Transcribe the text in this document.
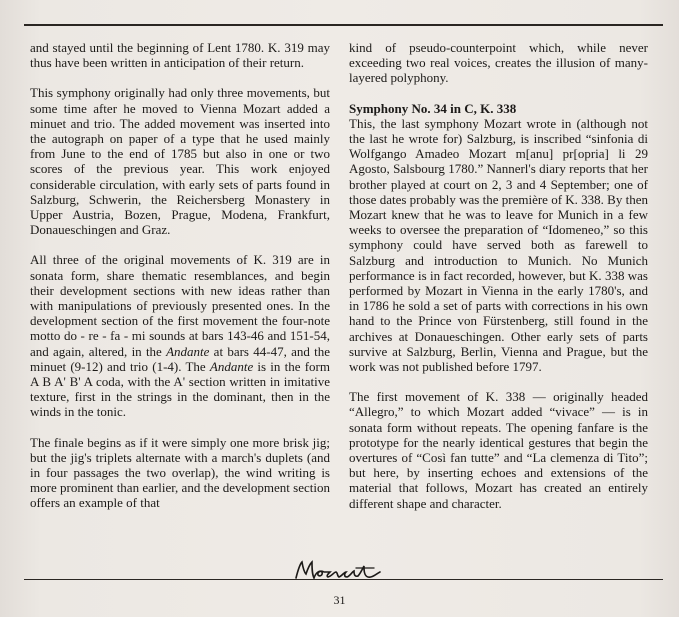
and stayed until the beginning of Lent 1780. K. 319 may thus have been written in anticipation of their return.

This symphony originally had only three movements, but some time after he moved to Vienna Mozart added a minuet and trio. The added movement was inserted into the autograph on paper of a type that he used mainly from June to the end of 1785 but also in one or two scores of the previous year. This work enjoyed considerable circulation, with early sets of parts found in Salzburg, Schwerin, the Reichersberg Monastery in Upper Austria, Bozen, Prague, Modena, Frankfurt, Donaueschingen and Graz.

All three of the original movements of K. 319 are in sonata form, share thematic resemblances, and begin their development sections with new ideas rather than with manipulations of previously presented ones. In the development section of the first movement the four-note motto do - re - fa - mi sounds at bars 143-46 and 151-54, and again, altered, in the Andante at bars 44-47, and the minuet (9-12) and trio (1-4). The Andante is in the form A B A' B' A coda, with the A' section written in imitative texture, first in the strings in the dominant, then in the winds in the tonic.

The finale begins as if it were simply one more brisk jig; but the jig's triplets alternate with a march's duplets (and in four passages the two overlap), the wind writing is more prominent than earlier, and the development section offers an example of that

kind of pseudo-counterpoint which, while never exceeding two real voices, creates the illusion of many-layered polyphony.

Symphony No. 34 in C, K. 338

This, the last symphony Mozart wrote in (although not the last he wrote for) Salzburg, is inscribed “sinfonia di Wolfgango Amadeo Mozart m[anu] pr[opria] li 29 Agosto, Salsbourg 1780.” Nannerl's diary reports that her brother played at court on 2, 3 and 4 September; one of those dates probably was the première of K. 338. By then Mozart knew that he was to leave for Munich in a few weeks to oversee the preparation of “Idomeneo,” so this symphony could have served both as farewell to Salzburg and introduction to Munich. No Munich performance is in fact recorded, however, but K. 338 was performed by Mozart in Vienna in the early 1780's, and in 1786 he sold a set of parts with corrections in his own hand to the Prince von Fürstenberg, still found in the archives at Donaueschingen. Other early sets of parts survive at Salzburg, Berlin, Vienna and Prague, but the work was not published before 1797.

The first movement of K. 338 — originally headed “Allegro,” to which Mozart added “vivace” — is in sonata form without repeats. The opening fanfare is the prototype for the nearly identical gestures that begin the overtures of “Così fan tutte” and “La clemenza di Tito”; but here, by inserting echoes and extensions of the material that follows, Mozart has created an entirely different shape and character.

31
